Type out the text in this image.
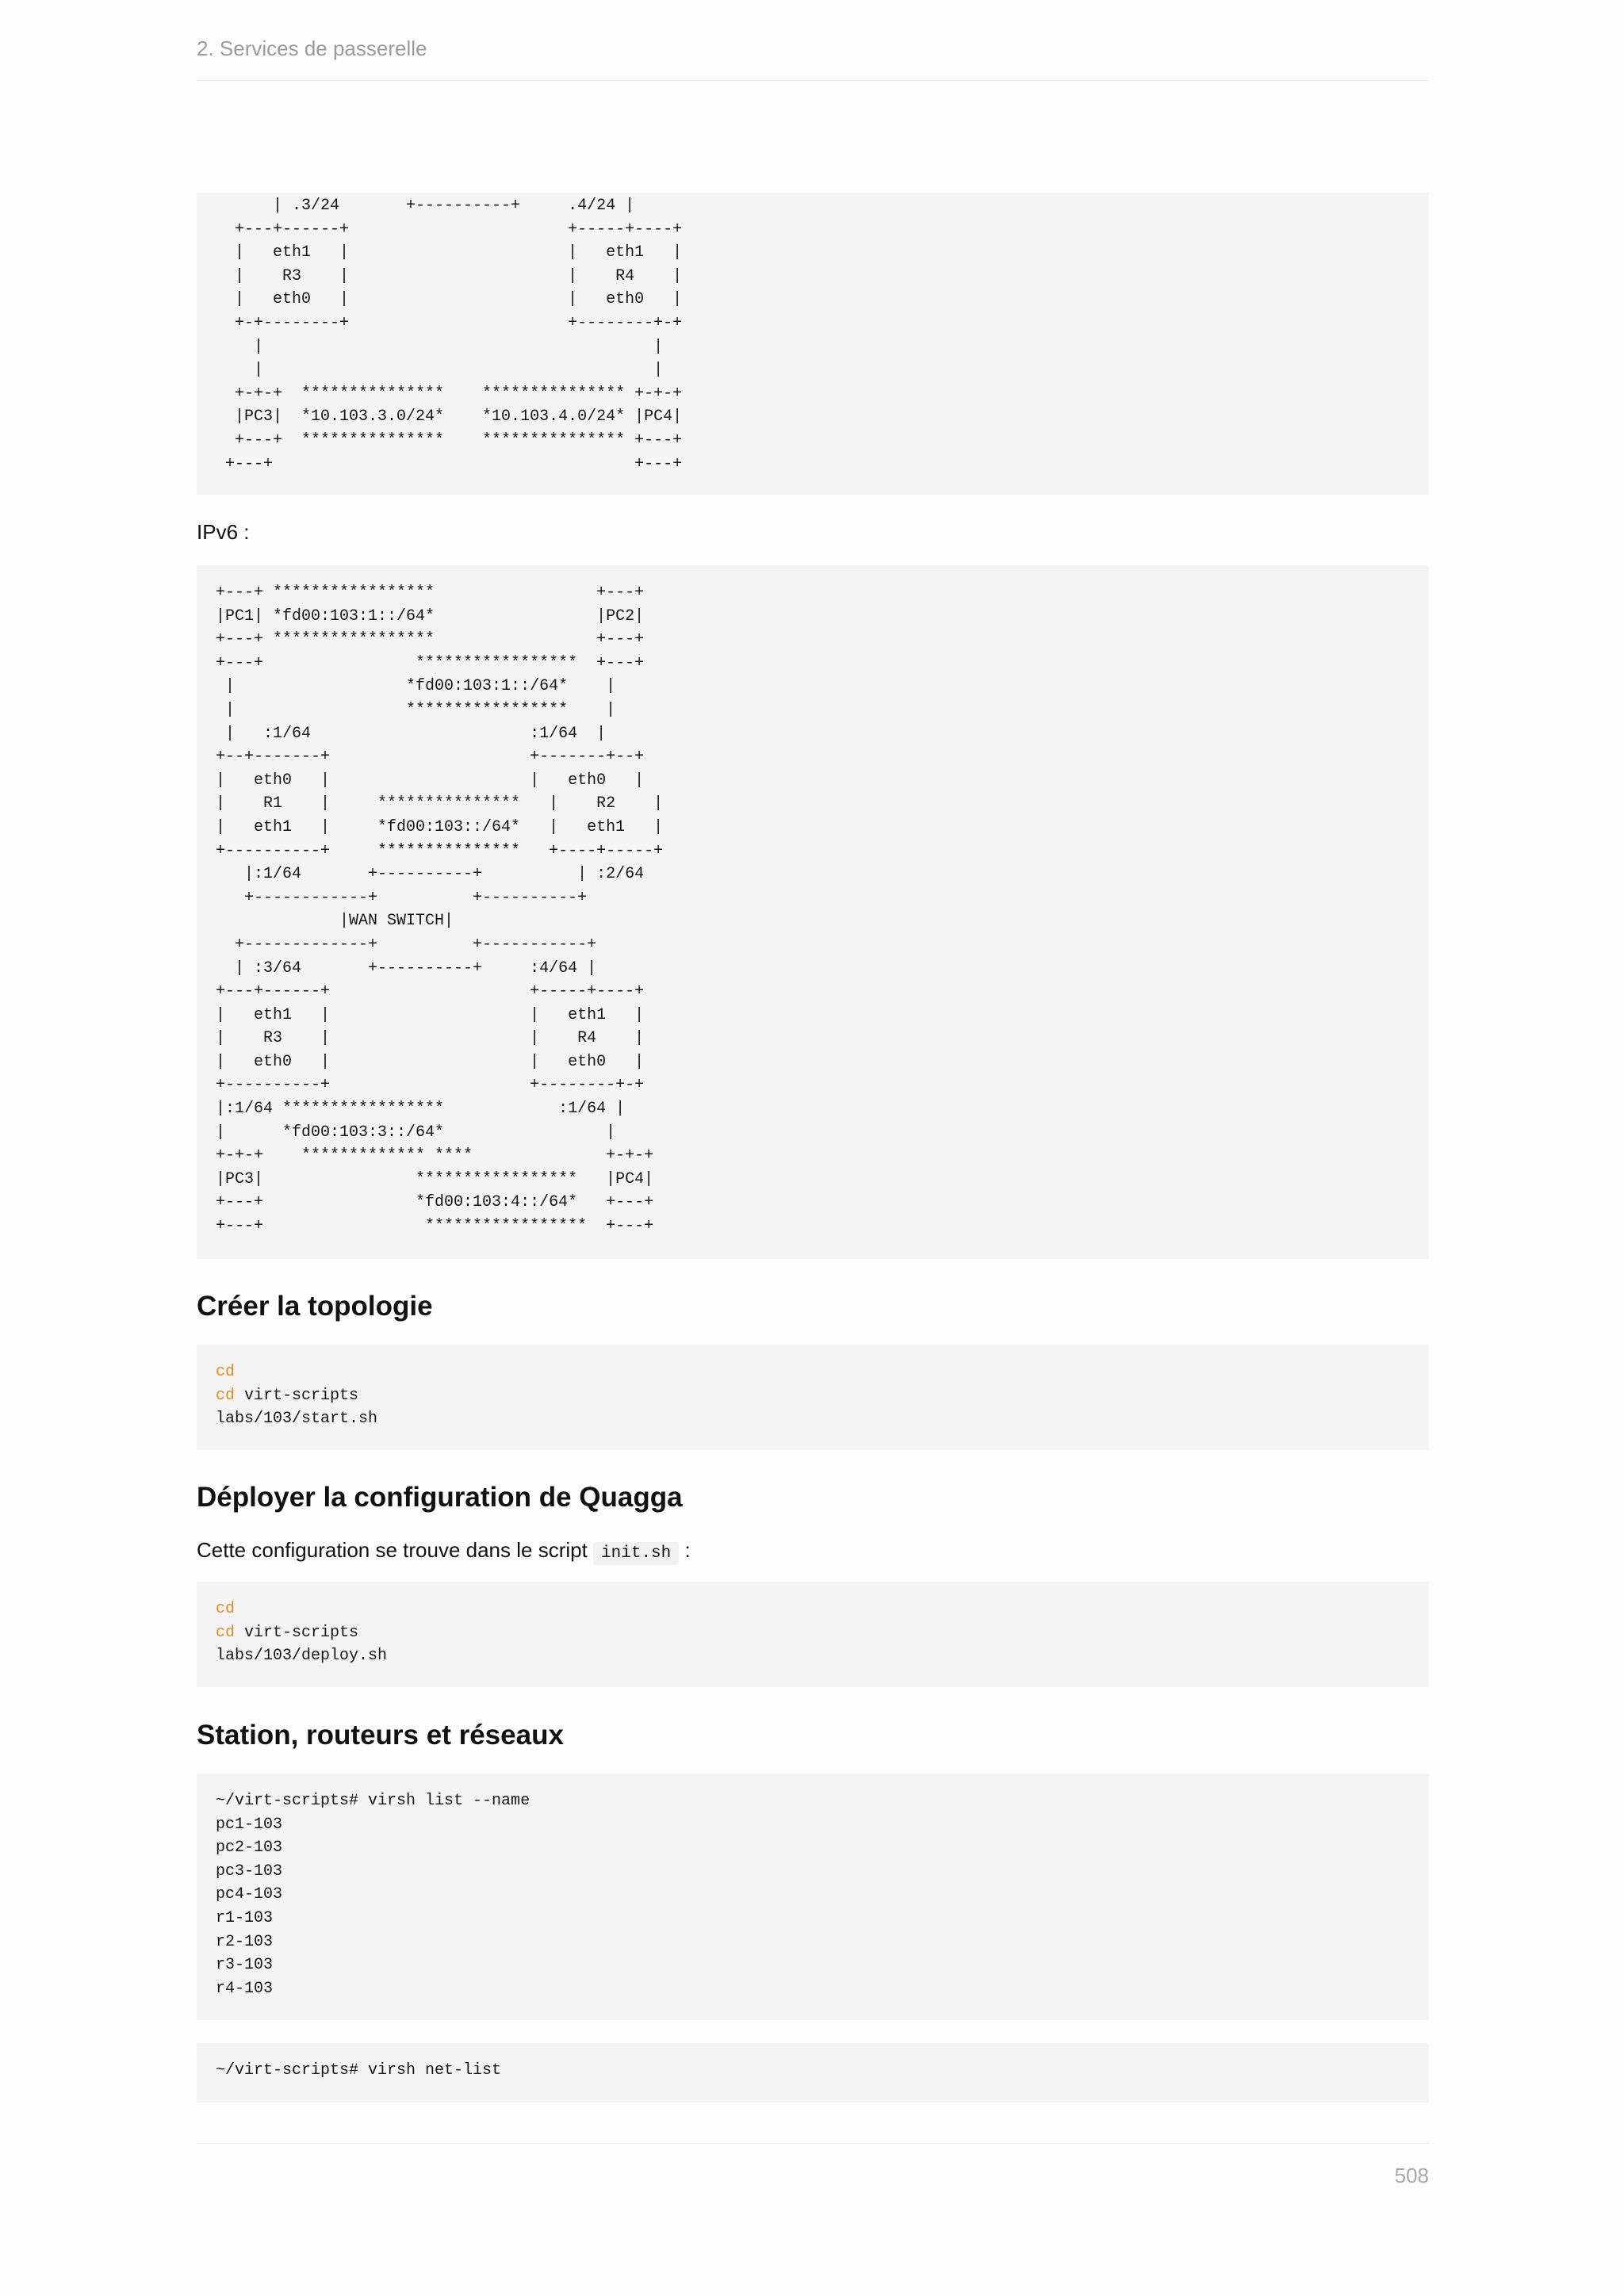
2. Services de passerelle
| .3/24       +----------+     .4/24 |
+---+------+                       +-----+----+
|   eth1   |                       |   eth1   |
|    R3    |                       |    R4    |
|   eth0   |                       |   eth0   |
+-+--------+                       +--------+-+
|                                         |
|                                         |
+-+-+  ***************    *************** +-+-+
|PC3|  *10.103.3.0/24*    *10.103.4.0/24* |PC4|
+---+  ***************    *************** +---+
+---+                                      +---+
IPv6 :
+---+ *****************                 +---+
|PC1| *fd00:103:1::/64*                 |PC2|
+---+ *****************                 +---+
+---+                *****************  +---+
|                  *fd00:103:1::/64*    |
|                  *****************    |
|   :1/64                       :1/64  |
+--+-------+                     +-------+--+
|   eth0   |                     |   eth0   |
|    R1    |     ***************   |    R2    |
|   eth1   |     *fd00:103::/64*   |   eth1   |
+----------+     ***************   +----+-----+
|:1/64       +----------+          | :2/64
+------------+          +----------+
|WAN SWITCH|
+-------------+          +-----------+
| :3/64       +----------+     :4/64 |
+---+------+                     +-----+----+
|   eth1   |                     |   eth1   |
|    R3    |                     |    R4    |
|   eth0   |                     |   eth0   |
+----------+                     +--------+-+
|:1/64 *****************            :1/64 |
|      *fd00:103:3::/64*                 |
+-+-+    ************* ****              +-+-+
|PC3|                *****************   |PC4|
+---+                *fd00:103:4::/64*   +---+
+---+                 *****************  +---+
Créer la topologie
cd
cd virt-scripts
labs/103/start.sh
Déployer la configuration de Quagga
Cette configuration se trouve dans le script init.sh :
cd
cd virt-scripts
labs/103/deploy.sh
Station, routeurs et réseaux
~/virt-scripts# virsh list --name
pc1-103
pc2-103
pc3-103
pc4-103
r1-103
r2-103
r3-103
r4-103
~/virt-scripts# virsh net-list
508
